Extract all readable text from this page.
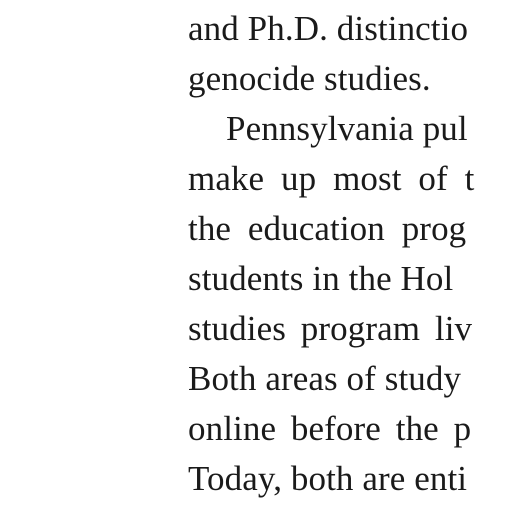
and Ph.D. distinctio
genocide studies.
Pennsylvania pul
make up most of t
the education prog
students in the Hol
studies program liv
Both areas of study
online before the p
Today, both are enti
